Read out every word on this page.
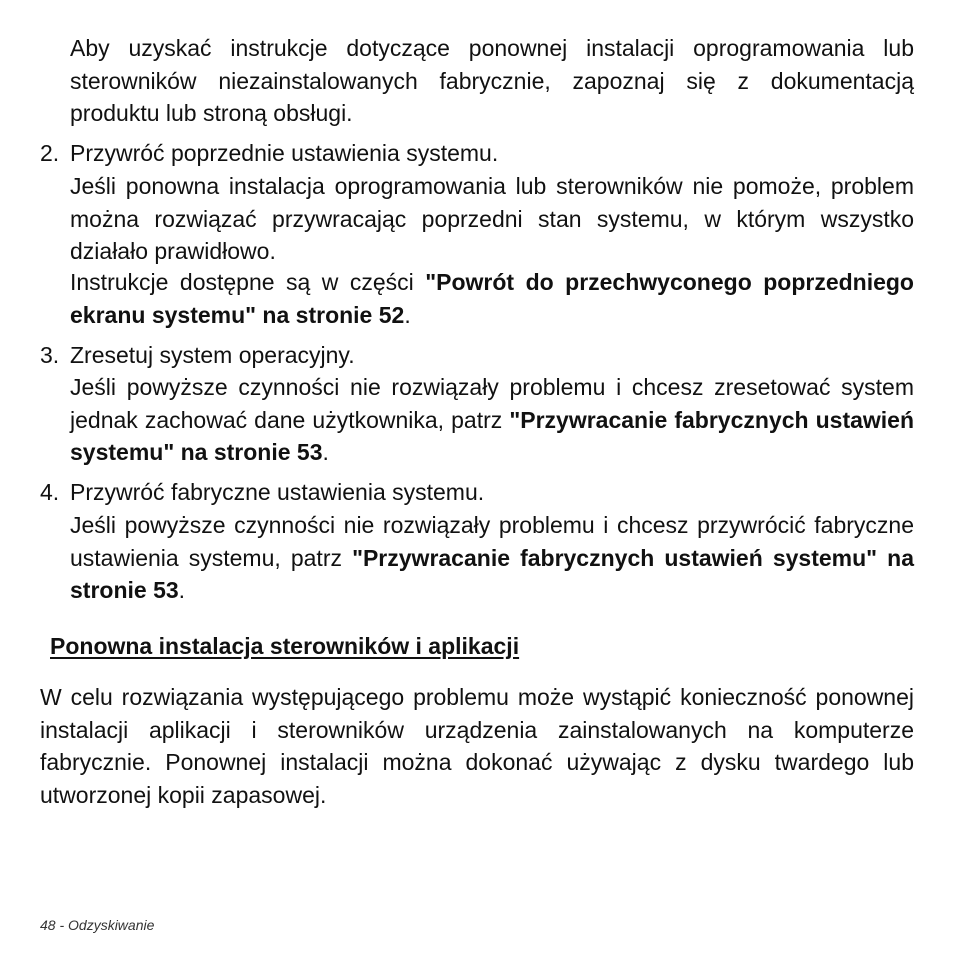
Aby uzyskać instrukcje dotyczące ponownej instalacji oprogramowania lub sterowników niezainstalowanych fabrycznie, zapoznaj się z dokumentacją produktu lub stroną obsługi.

2. Przywróć poprzednie ustawienia systemu.

Jeśli ponowna instalacja oprogramowania lub sterowników nie pomoże, problem można rozwiązać przywracając poprzedni stan systemu, w którym wszystko działało prawidłowo.

Instrukcje dostępne są w części "Powrót do przechwyconego poprzedniego ekranu systemu" na stronie 52.

3. Zresetuj system operacyjny.

Jeśli powyższe czynności nie rozwiązały problemu i chcesz zresetować system jednak zachować dane użytkownika, patrz "Przywracanie fabrycznych ustawień systemu" na stronie 53.

4. Przywróć fabryczne ustawienia systemu.

Jeśli powyższe czynności nie rozwiązały problemu i chcesz przywrócić fabryczne ustawienia systemu, patrz "Przywracanie fabrycznych ustawień systemu" na stronie 53.

Ponowna instalacja sterowników i aplikacji

W celu rozwiązania występującego problemu może wystąpić konieczność ponownej instalacji aplikacji i sterowników urządzenia zainstalowanych na komputerze fabrycznie. Ponownej instalacji można dokonać używając z dysku twardego lub utworzonej kopii zapasowej.

48 - Odzyskiwanie
